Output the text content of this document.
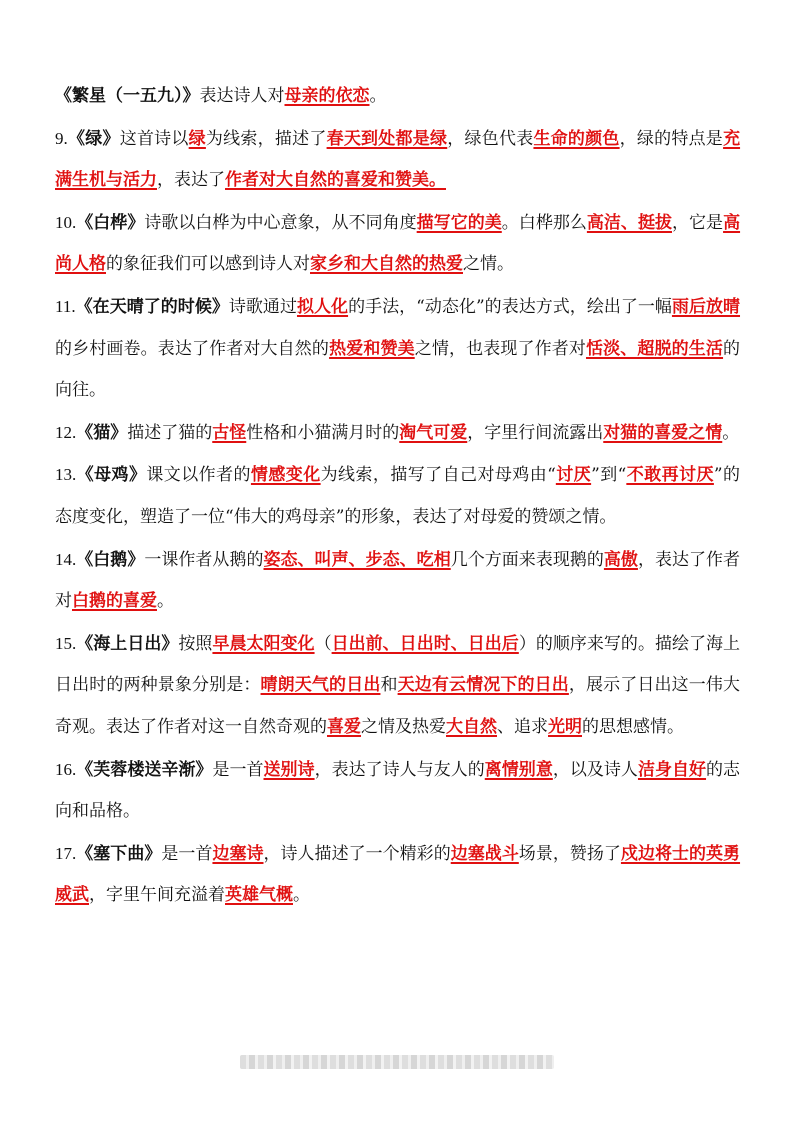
《繁星（一五九）》表达诗人对母亲的依恋。

9.《绿》这首诗以绿为线索，描述了春天到处都是绿，绿色代表生命的颜色，绿的特点是充满生机与活力，表达了作者对大自然的喜爱和赞美。

10.《白桦》诗歌以白桦为中心意象，从不同角度描写它的美。白桦那么高洁、挺拔，它是高尚人格的象征我们可以感到诗人对家乡和大自然的热爱之情。

11.《在天晴了的时候》诗歌通过拟人化的手法，“动态化”的表达方式，绘出了一幅雨后放晴的乡村画卷。表达了作者对大自然的热爱和赞美之情，也表现了作者对恬淡、超脱的生活的向往。

12.《猫》描述了猫的古怪性格和小猫满月时的淘气可爱，字里行间流露出对猫的喜爱之情。

13.《母鸡》课文以作者的情感变化为线索，描写了自己对母鸡由“讨厌”到“不敢再讨厌”的态度变化，塑造了一位“伟大的鸡母亲”的形象，表达了对母爱的赞颂之情。

14.《白鹅》一课作者从鹅的姿态、叫声、步态、吃相几个方面来表现鹅的高傲，表达了作者对白鹅的喜爱。

15.《海上日出》按照早晨太阳变化（日出前、日出时、日出后）的顺序来写的。描绘了海上日出时的两种景象分别是：晴朗天气的日出和天边有云情况下的日出，展示了日出这一伟大奇观。表达了作者对这一自然奇观的喜爱之情及热爱大自然、追求光明的思想感情。

16.《芙蓉楼送辛渐》是一首送别诗，表达了诗人与友人的离情别意，以及诗人洁身自好的志向和品格。

17.《塞下曲》是一首边塞诗，诗人描述了一个精彩的边塞战斗场景，赞扬了戍边将士的英勇威武，字里午间充溢着英雄气概。
